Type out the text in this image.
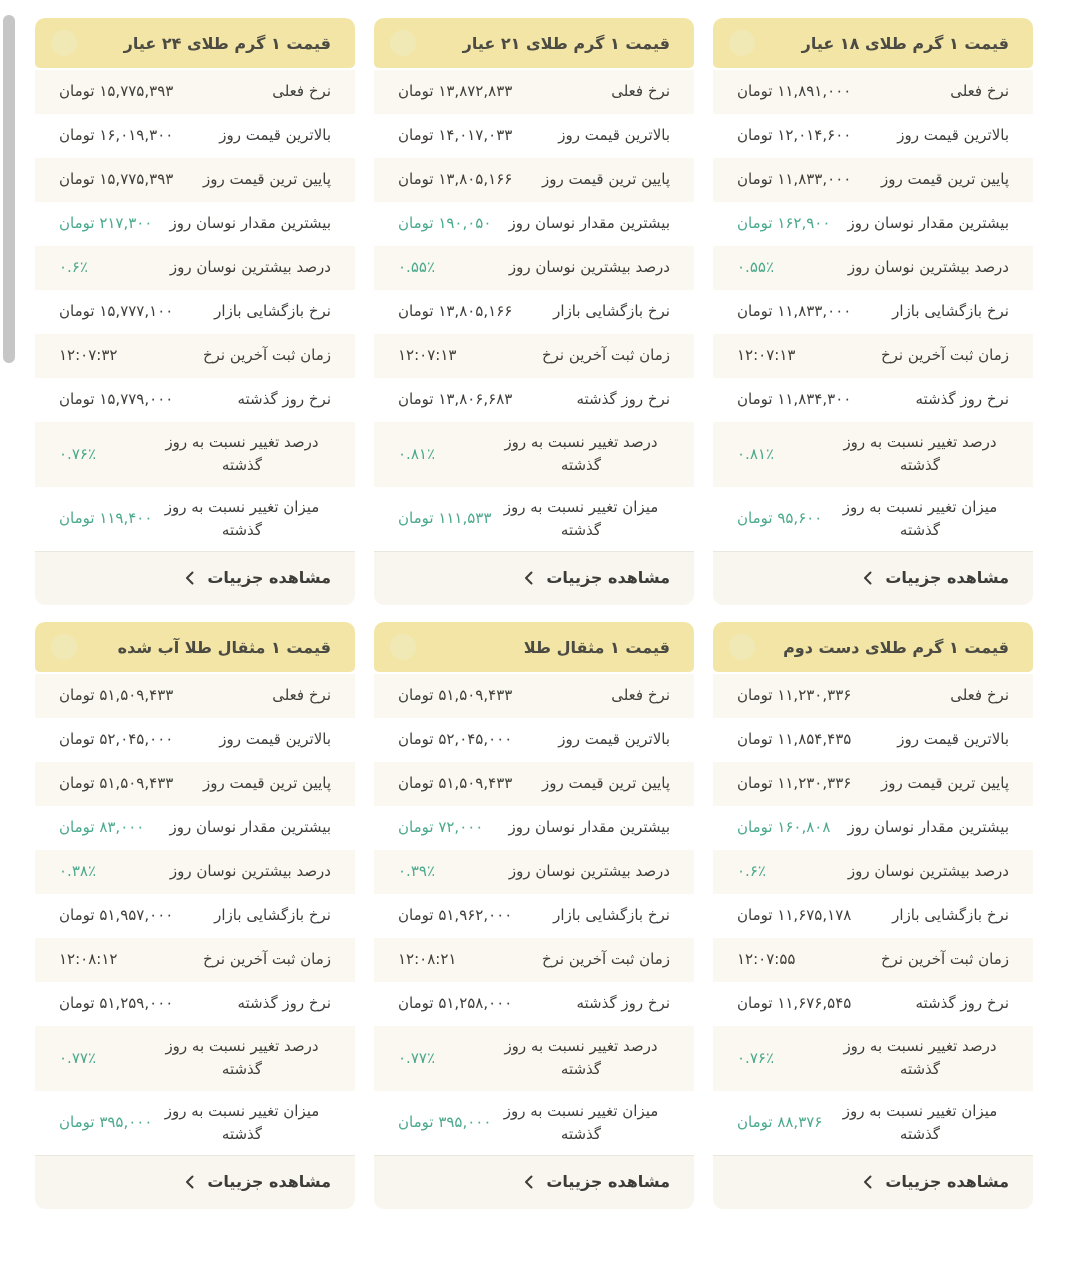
قیمت ۱ گرم طلای ۱۸ عیار
نرخ فعلی
۱۱,۸۹۱,۰۰۰ تومان
بالاترین قیمت روز
۱۲,۰۱۴,۶۰۰ تومان
پایین ترین قیمت روز
۱۱,۸۳۳,۰۰۰ تومان
بیشترین مقدار نوسان روز
۱۶۲,۹۰۰ تومان
درصد بیشترین نوسان روز
۰.۵۵٪
نرخ بازگشایی بازار
۱۱,۸۳۳,۰۰۰ تومان
زمان ثبت آخرین نرخ
۱۲:۰۷:۱۳
نرخ روز گذشته
۱۱,۸۳۴,۳۰۰ تومان
درصد تغییر نسبت به روز گذشته
۰.۸۱٪
میزان تغییر نسبت به روز گذشته
۹۵,۶۰۰ تومان
مشاهده جزییات
قیمت ۱ گرم طلای ۲۱ عیار
نرخ فعلی
۱۳,۸۷۲,۸۳۳ تومان
بالاترین قیمت روز
۱۴,۰۱۷,۰۳۳ تومان
پایین ترین قیمت روز
۱۳,۸۰۵,۱۶۶ تومان
بیشترین مقدار نوسان روز
۱۹۰,۰۵۰ تومان
درصد بیشترین نوسان روز
۰.۵۵٪
نرخ بازگشایی بازار
۱۳,۸۰۵,۱۶۶ تومان
زمان ثبت آخرین نرخ
۱۲:۰۷:۱۳
نرخ روز گذشته
۱۳,۸۰۶,۶۸۳ تومان
درصد تغییر نسبت به روز گذشته
۰.۸۱٪
میزان تغییر نسبت به روز گذشته
۱۱۱,۵۳۳ تومان
مشاهده جزییات
قیمت ۱ گرم طلای ۲۴ عیار
نرخ فعلی
۱۵,۷۷۵,۳۹۳ تومان
بالاترین قیمت روز
۱۶,۰۱۹,۳۰۰ تومان
پایین ترین قیمت روز
۱۵,۷۷۵,۳۹۳ تومان
بیشترین مقدار نوسان روز
۲۱۷,۳۰۰ تومان
درصد بیشترین نوسان روز
۰.۶٪
نرخ بازگشایی بازار
۱۵,۷۷۷,۱۰۰ تومان
زمان ثبت آخرین نرخ
۱۲:۰۷:۳۲
نرخ روز گذشته
۱۵,۷۷۹,۰۰۰ تومان
درصد تغییر نسبت به روز گذشته
۰.۷۶٪
میزان تغییر نسبت به روز گذشته
۱۱۹,۴۰۰ تومان
مشاهده جزییات
قیمت ۱ گرم طلای دست دوم
نرخ فعلی
۱۱,۲۳۰,۳۳۶ تومان
بالاترین قیمت روز
۱۱,۸۵۴,۴۳۵ تومان
پایین ترین قیمت روز
۱۱,۲۳۰,۳۳۶ تومان
بیشترین مقدار نوسان روز
۱۶۰,۸۰۸ تومان
درصد بیشترین نوسان روز
۰.۶٪
نرخ بازگشایی بازار
۱۱,۶۷۵,۱۷۸ تومان
زمان ثبت آخرین نرخ
۱۲:۰۷:۵۵
نرخ روز گذشته
۱۱,۶۷۶,۵۴۵ تومان
درصد تغییر نسبت به روز گذشته
۰.۷۶٪
میزان تغییر نسبت به روز گذشته
۸۸,۳۷۶ تومان
مشاهده جزییات
قیمت ۱ مثقال طلا
نرخ فعلی
۵۱,۵۰۹,۴۳۳ تومان
بالاترین قیمت روز
۵۲,۰۴۵,۰۰۰ تومان
پایین ترین قیمت روز
۵۱,۵۰۹,۴۳۳ تومان
بیشترین مقدار نوسان روز
۷۲,۰۰۰ تومان
درصد بیشترین نوسان روز
۰.۳۹٪
نرخ بازگشایی بازار
۵۱,۹۶۲,۰۰۰ تومان
زمان ثبت آخرین نرخ
۱۲:۰۸:۲۱
نرخ روز گذشته
۵۱,۲۵۸,۰۰۰ تومان
درصد تغییر نسبت به روز گذشته
۰.۷۷٪
میزان تغییر نسبت به روز گذشته
۳۹۵,۰۰۰ تومان
مشاهده جزییات
قیمت ۱ مثقال طلا آب شده
نرخ فعلی
۵۱,۵۰۹,۴۳۳ تومان
بالاترین قیمت روز
۵۲,۰۴۵,۰۰۰ تومان
پایین ترین قیمت روز
۵۱,۵۰۹,۴۳۳ تومان
بیشترین مقدار نوسان روز
۸۳,۰۰۰ تومان
درصد بیشترین نوسان روز
۰.۳۸٪
نرخ بازگشایی بازار
۵۱,۹۵۷,۰۰۰ تومان
زمان ثبت آخرین نرخ
۱۲:۰۸:۱۲
نرخ روز گذشته
۵۱,۲۵۹,۰۰۰ تومان
درصد تغییر نسبت به روز گذشته
۰.۷۷٪
میزان تغییر نسبت به روز گذشته
۳۹۵,۰۰۰ تومان
مشاهده جزییات
